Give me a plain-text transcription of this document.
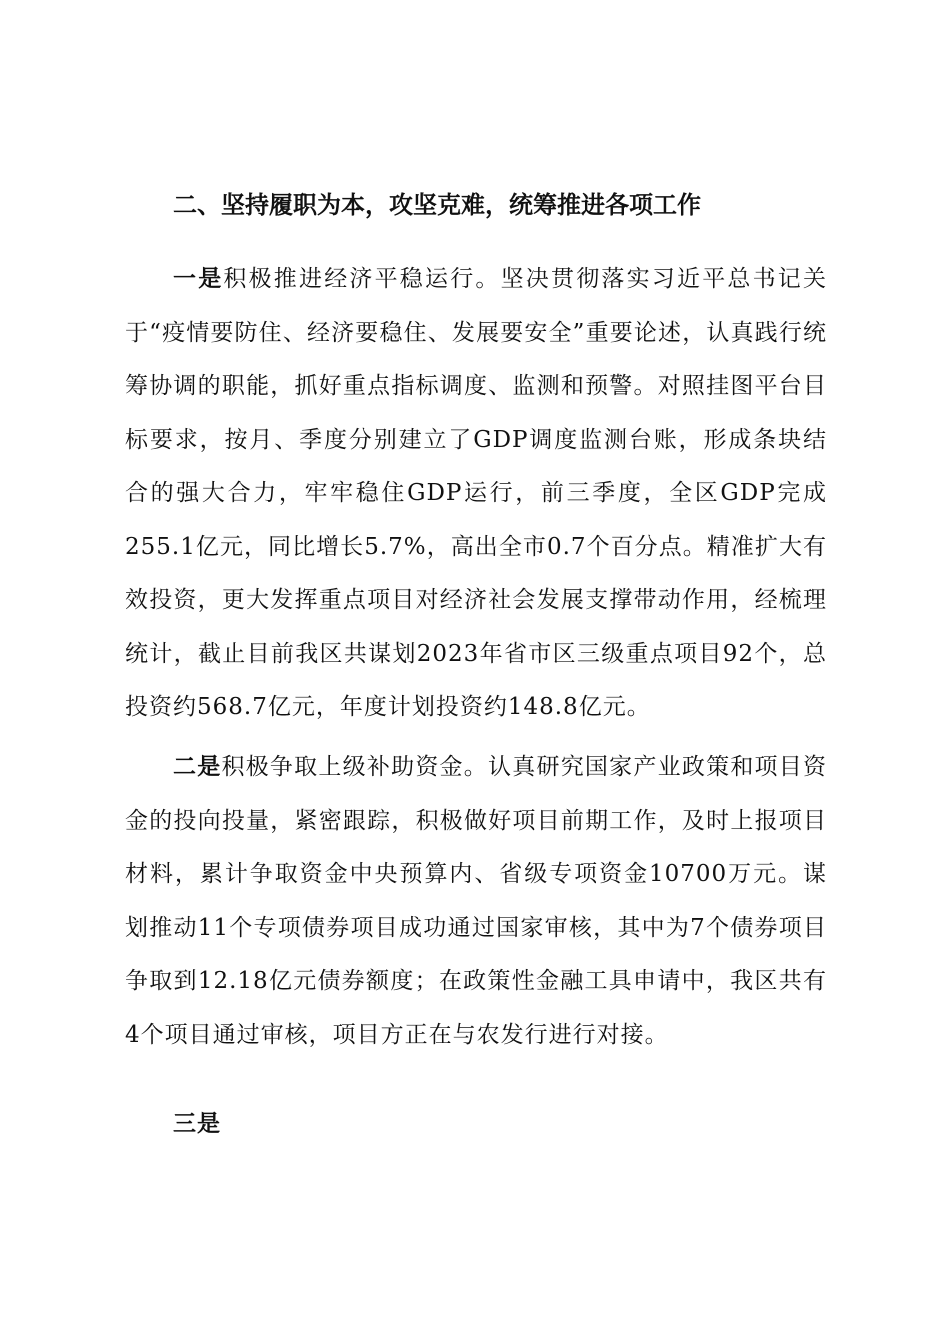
二、坚持履职为本，攻坚克难，统筹推进各项工作

一是积极推进经济平稳运行。坚决贯彻落实习近平总书记关于“疫情要防住、经济要稳住、发展要安全”重要论述，认真践行统筹协调的职能，抓好重点指标调度、监测和预警。对照挂图平台目标要求，按月、季度分别建立了GDP调度监测台账，形成条块结合的强大合力，牢牢稳住GDP运行，前三季度，全区GDP完成255.1亿元，同比增长5.7%，高出全市0.7个百分点。精准扩大有效投资，更大发挥重点项目对经济社会发展支撑带动作用，经梳理统计，截止目前我区共谋划2023年省市区三级重点项目92个，总投资约568.7亿元，年度计划投资约148.8亿元。

二是积极争取上级补助资金。认真研究国家产业政策和项目资金的投向投量，紧密跟踪，积极做好项目前期工作，及时上报项目材料，累计争取资金中央预算内、省级专项资金10700万元。谋划推动11个专项债券项目成功通过国家审核，其中为7个债券项目争取到12.18亿元债券额度；在政策性金融工具申请中，我区共有4个项目通过审核，项目方正在与农发行进行对接。

三是
